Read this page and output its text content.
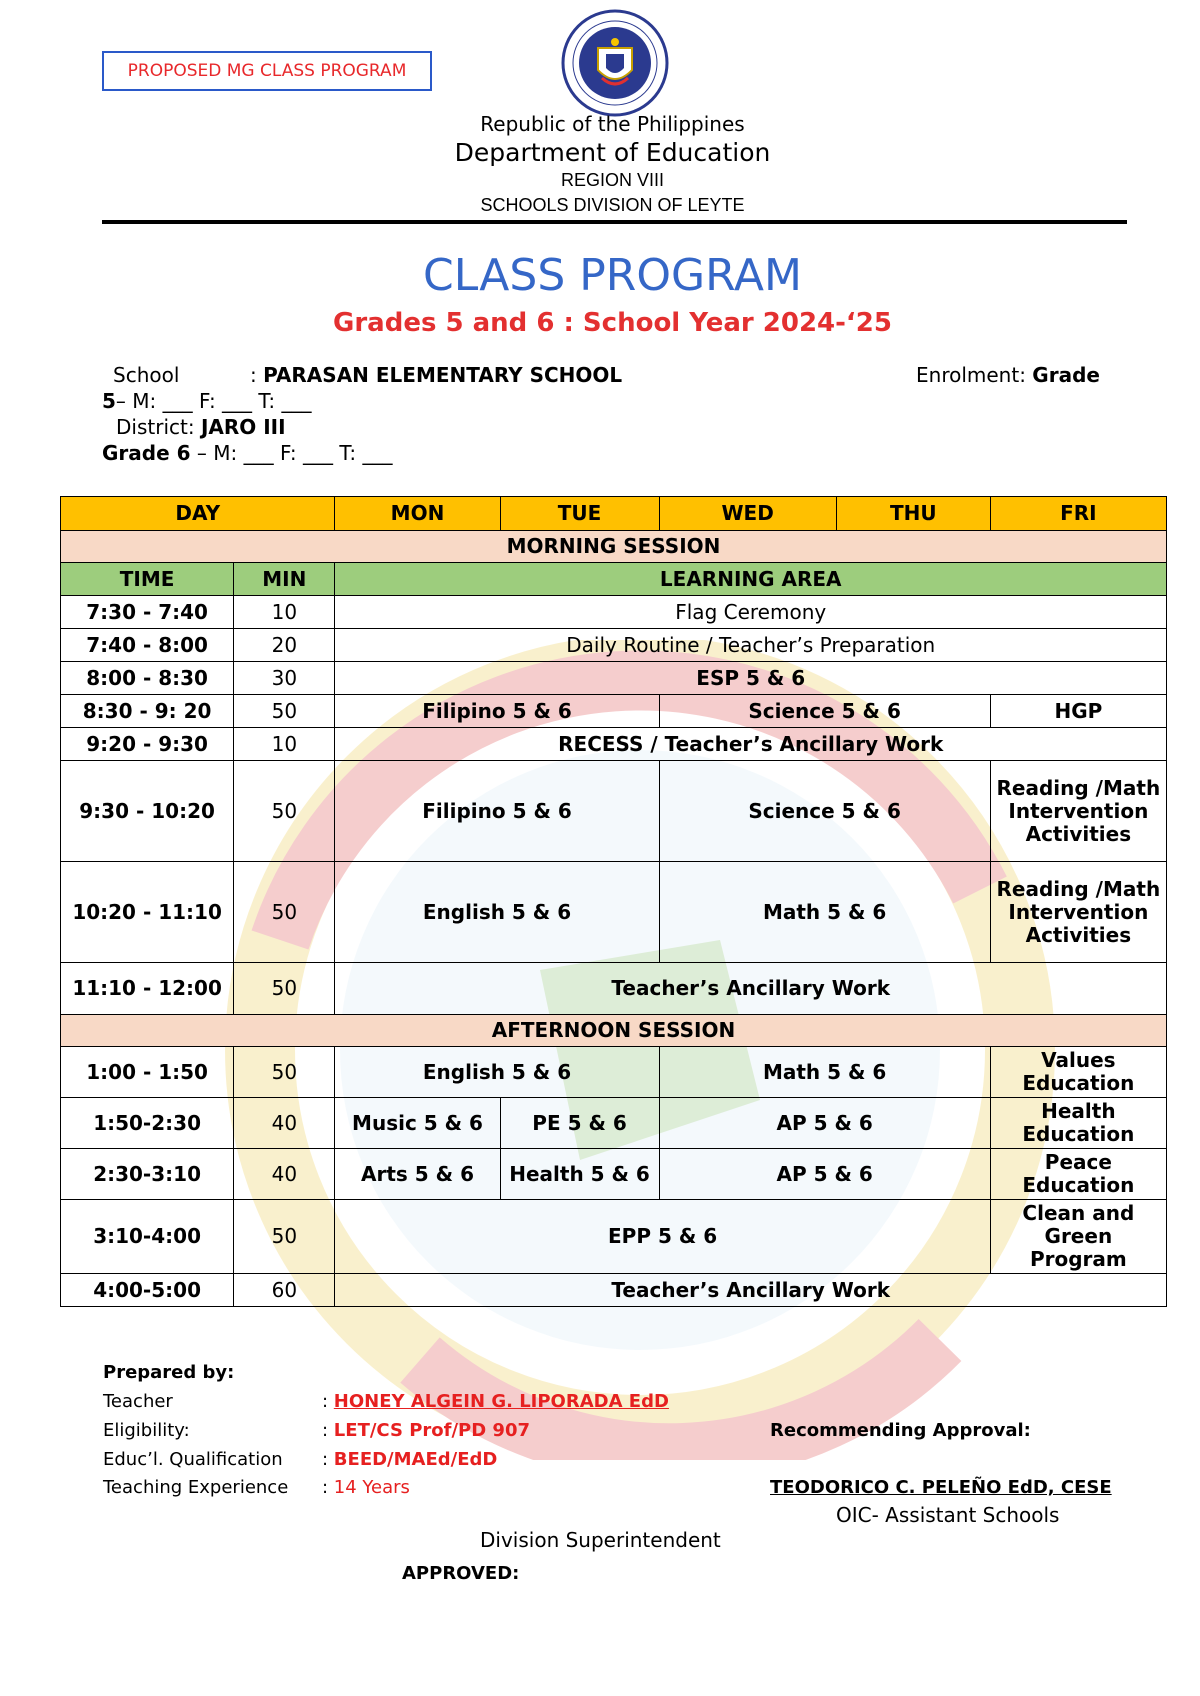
PROPOSED MG CLASS PROGRAM
Republic of the Philippines
Department of Education
REGION VIII
SCHOOLS DIVISION OF LEYTE
CLASS PROGRAM
Grades 5 and 6 : School Year 2024-‘25
School	: PARASAN ELEMENTARY SCHOOL	Enrolment: Grade
5– M: ___ F: ___ T: ___
District: JARO III
Grade 6 – M: ___ F: ___ T: ___
DAY		MON	TUE	WED	THU	FRI
MORNING SESSION						
TIME	MIN	LEARNING AREA				
7:30 - 7:40	10	Flag Ceremony				
7:40 - 8:00	20	Daily Routine / Teacher’s Preparation				
8:00 - 8:30	30	ESP 5 & 6				
8:30 - 9: 20	50	Filipino 5 & 6		Science 5 & 6		HGP
9:20 - 9:30	10	RECESS / Teacher’s Ancillary Work				
9:30 - 10:20	50	Filipino 5 & 6		Science 5 & 6		Reading /Math Intervention Activities
10:20 - 11:10	50	English 5 & 6		Math 5 & 6		Reading /Math Intervention Activities
11:10 - 12:00	50	Teacher’s Ancillary Work				
AFTERNOON SESSION						
1:00 - 1:50	50	English 5 & 6		Math 5 & 6		Values Education
1:50-2:30	40	Music 5 & 6	PE 5 & 6	AP 5 & 6		Health Education
2:30-3:10	40	Arts 5 & 6	Health 5 & 6	AP 5 & 6		Peace Education
3:10-4:00	50	EPP 5 & 6				Clean and Green Program
4:00-5:00	60	Teacher’s Ancillary Work				
Prepared by:
Teacher	: HONEY ALGEIN G. LIPORADA EdD
Eligibility:	: LET/CS Prof/PD 907	Recommending Approval:
Educ’l. Qualification : BEED/MAEd/EdD
Teaching Experience : 14 Years	TEODORICO C. PELEÑO EdD, CESE
OIC- Assistant Schools
Division Superintendent
APPROVED:
